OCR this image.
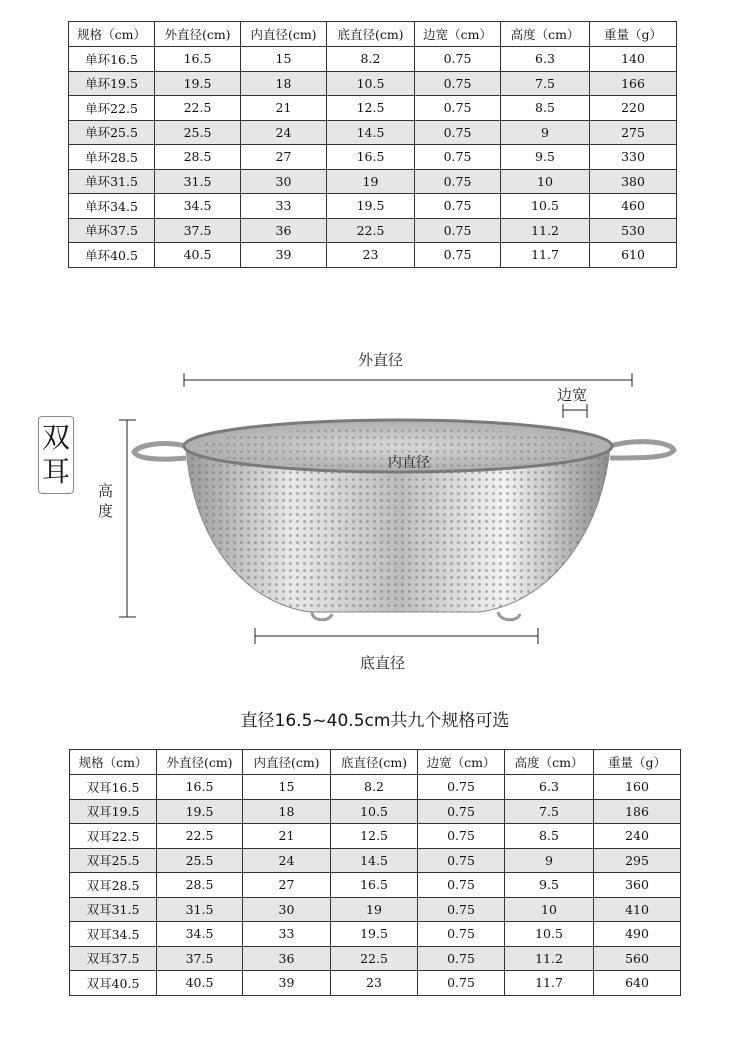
规格（cm）	外直径(cm)	内直径(cm)	底直径(cm)	边宽（cm）	高度（cm）	重量（g）
单环16.5	16.5	15	8.2	0.75	6.3	140
单环19.5	19.5	18	10.5	0.75	7.5	166
单环22.5	22.5	21	12.5	0.75	8.5	220
单环25.5	25.5	24	14.5	0.75	9	275
单环28.5	28.5	27	16.5	0.75	9.5	330
单环31.5	31.5	30	19	0.75	10	380
单环34.5	34.5	33	19.5	0.75	10.5	460
单环37.5	37.5	36	22.5	0.75	11.2	530
单环40.5	40.5	39	23	0.75	11.7	610
外直径
边宽
内直径
高
度
底直径
双
耳
直径16.5~40.5cm共九个规格可选
规格（cm）	外直径(cm)	内直径(cm)	底直径(cm)	边宽（cm）	高度（cm）	重量（g）
双耳16.5	16.5	15	8.2	0.75	6.3	160
双耳19.5	19.5	18	10.5	0.75	7.5	186
双耳22.5	22.5	21	12.5	0.75	8.5	240
双耳25.5	25.5	24	14.5	0.75	9	295
双耳28.5	28.5	27	16.5	0.75	9.5	360
双耳31.5	31.5	30	19	0.75	10	410
双耳34.5	34.5	33	19.5	0.75	10.5	490
双耳37.5	37.5	36	22.5	0.75	11.2	560
双耳40.5	40.5	39	23	0.75	11.7	640
